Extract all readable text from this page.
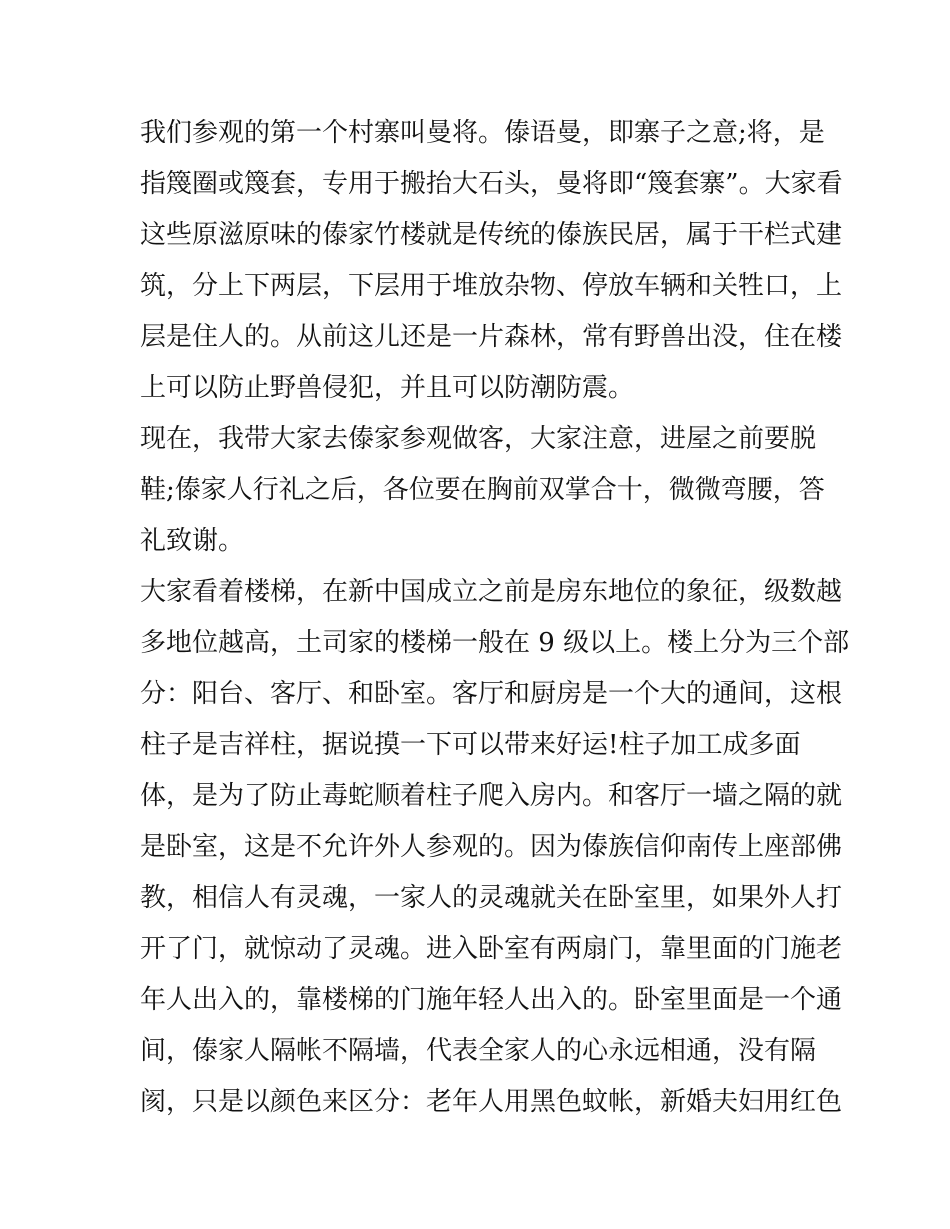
我们参观的第一个村寨叫曼将。傣语曼，即寨子之意;将，是
指篾圈或篾套，专用于搬抬大石头，曼将即“篾套寨”。大家看
这些原滋原味的傣家竹楼就是传统的傣族民居，属于干栏式建
筑，分上下两层，下层用于堆放杂物、停放车辆和关牲口，上
层是住人的。从前这儿还是一片森林，常有野兽出没，住在楼
上可以防止野兽侵犯，并且可以防潮防震。
现在，我带大家去傣家参观做客，大家注意，进屋之前要脱
鞋;傣家人行礼之后，各位要在胸前双掌合十，微微弯腰，答
礼致谢。
大家看着楼梯，在新中国成立之前是房东地位的象征，级数越
多地位越高，土司家的楼梯一般在 9 级以上。楼上分为三个部
分：阳台、客厅、和卧室。客厅和厨房是一个大的通间，这根
柱子是吉祥柱，据说摸一下可以带来好运!柱子加工成多面
体，是为了防止毒蛇顺着柱子爬入房内。和客厅一墙之隔的就
是卧室，这是不允许外人参观的。因为傣族信仰南传上座部佛
教，相信人有灵魂，一家人的灵魂就关在卧室里，如果外人打
开了门，就惊动了灵魂。进入卧室有两扇门，靠里面的门施老
年人出入的，靠楼梯的门施年轻人出入的。卧室里面是一个通
间，傣家人隔帐不隔墙，代表全家人的心永远相通，没有隔
阂，只是以颜色来区分：老年人用黑色蚊帐，新婚夫妇用红色
